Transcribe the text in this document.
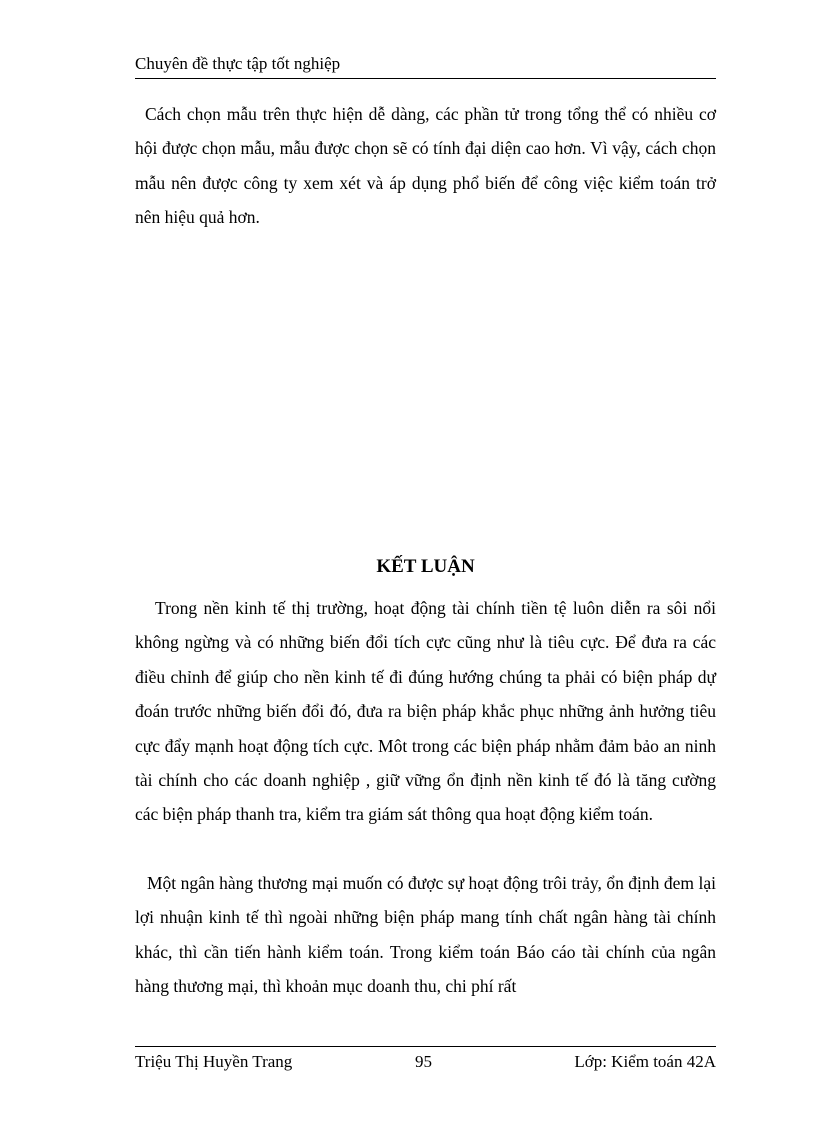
Chuyên đề thực tập tốt nghiệp

Cách chọn mẫu trên thực hiện dễ dàng, các phần tử trong tổng thể có nhiều cơ hội được chọn mẫu, mẫu được chọn sẽ có tính đại diện cao hơn. Vì vậy, cách chọn mẫu nên được công ty xem xét và áp dụng phổ biến để công việc kiểm toán trở nên hiệu quả hơn.

KẾT LUẬN

Trong nền kinh tế thị trường, hoạt động tài chính tiền tệ luôn diễn ra sôi nổi không ngừng và có những biến đổi tích cực cũng như là tiêu cực. Để đưa ra các điều chỉnh để giúp cho nền kinh tế đi đúng hướng chúng ta phải có biện pháp dự đoán trước những biến đổi đó, đưa ra biện pháp khắc phục những ảnh hưởng tiêu cực đẩy mạnh hoạt động tích cực. Môt trong các biện pháp nhằm đảm bảo an ninh tài chính cho các doanh nghiệp , giữ vững ổn định nền kinh tế đó là tăng cường các biện pháp thanh tra, kiểm tra giám sát thông qua hoạt động kiểm toán.

Một ngân hàng thương mại muốn có được sự hoạt động trôi trảy, ổn định đem lại lợi nhuận kinh tế thì ngoài những biện pháp mang tính chất ngân hàng tài chính khác, thì cần tiến hành kiểm toán. Trong kiểm toán Báo cáo tài chính của ngân hàng thương mại, thì khoản mục doanh thu, chi phí rất

Triệu Thị Huyền Trang	95	Lớp: Kiểm toán 42A
